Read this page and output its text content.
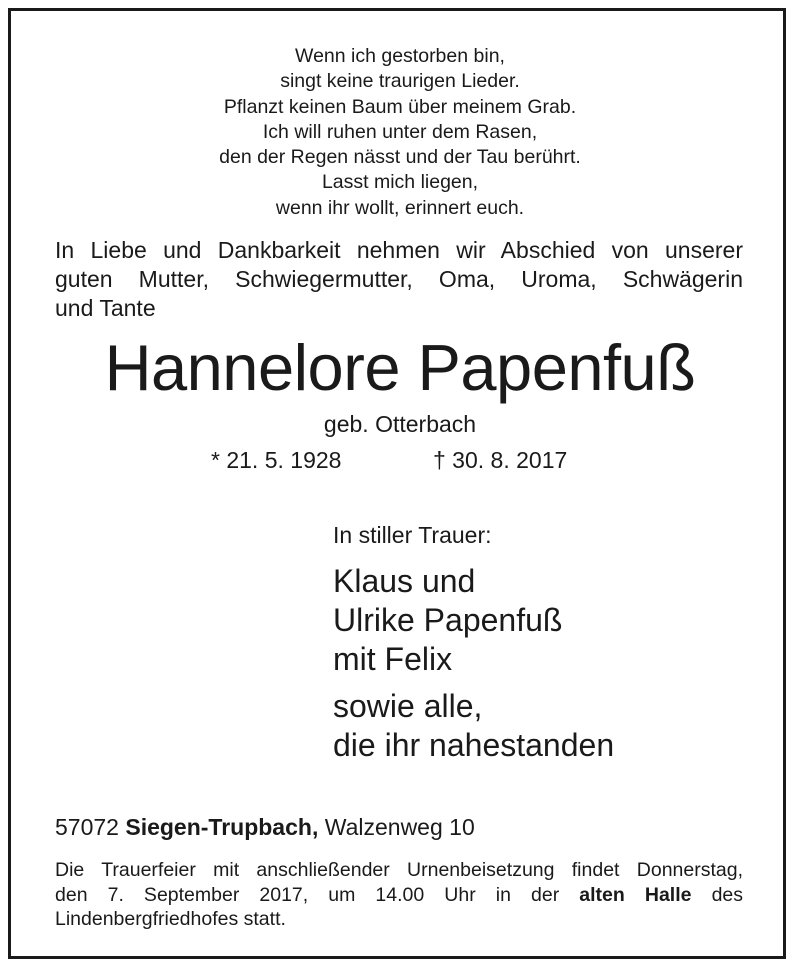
Wenn ich gestorben bin,
singt keine traurigen Lieder.
Pflanzt keinen Baum über meinem Grab.
Ich will ruhen unter dem Rasen,
den der Regen nässt und der Tau berührt.
Lasst mich liegen,
wenn ihr wollt, erinnert euch.
In Liebe und Dankbarkeit nehmen wir Abschied von unserer
guten Mutter, Schwiegermutter, Oma, Uroma, Schwägerin
und Tante
Hannelore Papenfuß
geb. Otterbach
* 21. 5. 1928	† 30. 8. 2017
In stiller Trauer:
Klaus und
Ulrike Papenfuß
mit Felix
sowie alle,
die ihr nahestanden
57072 Siegen-Trupbach, Walzenweg 10
Die Trauerfeier mit anschließender Urnenbeisetzung findet Donnerstag,
den 7. September 2017, um 14.00 Uhr in der alten Halle des
Lindenbergfriedhofes statt.
